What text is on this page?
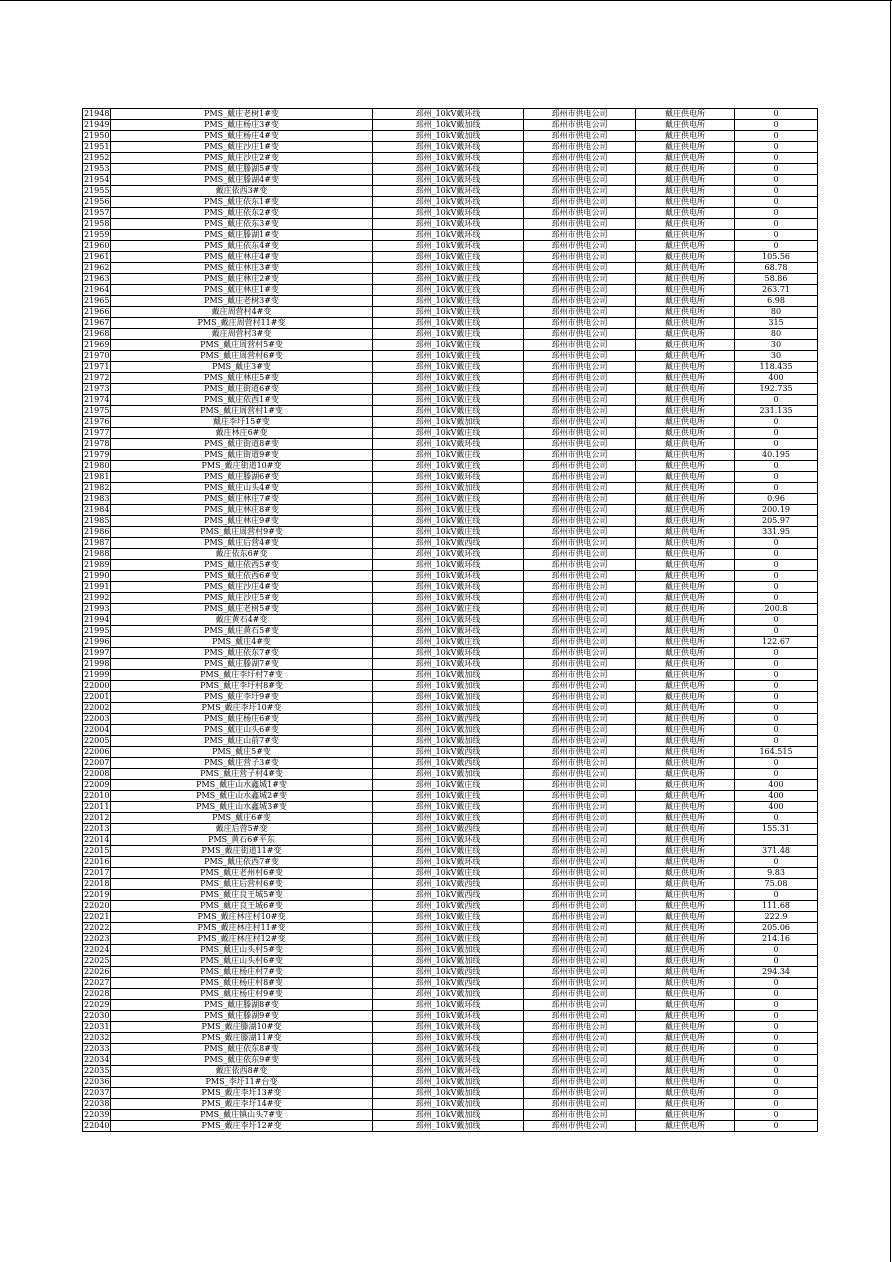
21948	PMS_戴庄老树1#变	邳州_10kV戴环线	邳州市供电公司	戴庄供电所	0
21949	PMS_戴庄杨庄3#变	邳州_10kV戴加线	邳州市供电公司	戴庄供电所	0
21950	PMS_戴庄杨庄4#变	邳州_10kV戴加线	邳州市供电公司	戴庄供电所	0
21951	PMS_戴庄沙庄1#变	邳州_10kV戴环线	邳州市供电公司	戴庄供电所	0
21952	PMS_戴庄沙庄2#变	邳州_10kV戴环线	邳州市供电公司	戴庄供电所	0
21953	PMS_戴庄滕湖5#变	邳州_10kV戴环线	邳州市供电公司	戴庄供电所	0
21954	PMS_戴庄滕湖4#变	邳州_10kV戴环线	邳州市供电公司	戴庄供电所	0
21955	戴庄依西3#变	邳州_10kV戴环线	邳州市供电公司	戴庄供电所	0
21956	PMS_戴庄依东1#变	邳州_10kV戴环线	邳州市供电公司	戴庄供电所	0
21957	PMS_戴庄依东2#变	邳州_10kV戴环线	邳州市供电公司	戴庄供电所	0
21958	PMS_戴庄依东3#变	邳州_10kV戴环线	邳州市供电公司	戴庄供电所	0
21959	PMS_戴庄滕湖1#变	邳州_10kV戴环线	邳州市供电公司	戴庄供电所	0
21960	PMS_戴庄依东4#变	邳州_10kV戴环线	邳州市供电公司	戴庄供电所	0
21961	PMS_戴庄林庄4#变	邳州_10kV戴庄线	邳州市供电公司	戴庄供电所	105.56
21962	PMS_戴庄林庄3#变	邳州_10kV戴庄线	邳州市供电公司	戴庄供电所	68.78
21963	PMS_戴庄林庄2#变	邳州_10kV戴庄线	邳州市供电公司	戴庄供电所	58.86
21964	PMS_戴庄林庄1#变	邳州_10kV戴庄线	邳州市供电公司	戴庄供电所	263.71
21965	PMS_戴庄老树3#变	邳州_10kV戴庄线	邳州市供电公司	戴庄供电所	6.98
21966	戴庄周营村4#变	邳州_10kV戴庄线	邳州市供电公司	戴庄供电所	80
21967	PMS_戴庄周营村11#变	邳州_10kV戴庄线	邳州市供电公司	戴庄供电所	315
21968	戴庄周营村3#变	邳州_10kV戴庄线	邳州市供电公司	戴庄供电所	80
21969	PMS_戴庄周营村5#变	邳州_10kV戴庄线	邳州市供电公司	戴庄供电所	30
21970	PMS_戴庄周营村6#变	邳州_10kV戴庄线	邳州市供电公司	戴庄供电所	30
21971	PMS_戴庄3#变	邳州_10kV戴庄线	邳州市供电公司	戴庄供电所	118.435
21972	PMS_戴庄林庄5#变	邳州_10kV戴庄线	邳州市供电公司	戴庄供电所	400
21973	PMS_戴庄街道6#变	邳州_10kV戴庄线	邳州市供电公司	戴庄供电所	192.735
21974	PMS_戴庄依西1#变	邳州_10kV戴庄线	邳州市供电公司	戴庄供电所	0
21975	PMS_戴庄周营村1#变	邳州_10kV戴庄线	邳州市供电公司	戴庄供电所	231.135
21976	戴庄李圩15#变	邳州_10kV戴加线	邳州市供电公司	戴庄供电所	0
21977	戴庄林庄6#变	邳州_10kV戴庄线	邳州市供电公司	戴庄供电所	0
21978	PMS_戴庄街道8#变	邳州_10kV戴环线	邳州市供电公司	戴庄供电所	0
21979	PMS_戴庄街道9#变	邳州_10kV戴庄线	邳州市供电公司	戴庄供电所	40.195
21980	PMS_戴庄街道10#变	邳州_10kV戴庄线	邳州市供电公司	戴庄供电所	0
21981	PMS_戴庄滕湖6#变	邳州_10kV戴环线	邳州市供电公司	戴庄供电所	0
21982	PMS_戴庄山头4#变	邳州_10kV戴加线	邳州市供电公司	戴庄供电所	0
21983	PMS_戴庄林庄7#变	邳州_10kV戴庄线	邳州市供电公司	戴庄供电所	0.96
21984	PMS_戴庄林庄8#变	邳州_10kV戴庄线	邳州市供电公司	戴庄供电所	200.19
21985	PMS_戴庄林庄9#变	邳州_10kV戴庄线	邳州市供电公司	戴庄供电所	205.97
21986	PMS_戴庄周营村9#变	邳州_10kV戴庄线	邳州市供电公司	戴庄供电所	331.95
21987	PMS_戴庄后营4#变	邳州_10kV戴西线	邳州市供电公司	戴庄供电所	0
21988	戴庄依东6#变	邳州_10kV戴环线	邳州市供电公司	戴庄供电所	0
21989	PMS_戴庄依西5#变	邳州_10kV戴环线	邳州市供电公司	戴庄供电所	0
21990	PMS_戴庄依西6#变	邳州_10kV戴环线	邳州市供电公司	戴庄供电所	0
21991	PMS_戴庄沙庄4#变	邳州_10kV戴环线	邳州市供电公司	戴庄供电所	0
21992	PMS_戴庄沙庄5#变	邳州_10kV戴环线	邳州市供电公司	戴庄供电所	0
21993	PMS_戴庄老树5#变	邳州_10kV戴庄线	邳州市供电公司	戴庄供电所	200.8
21994	戴庄黄石4#变	邳州_10kV戴环线	邳州市供电公司	戴庄供电所	0
21995	PMS_戴庄黄石5#变	邳州_10kV戴环线	邳州市供电公司	戴庄供电所	0
21996	PMS_戴庄4#变	邳州_10kV戴庄线	邳州市供电公司	戴庄供电所	122.67
21997	PMS_戴庄依东7#变	邳州_10kV戴环线	邳州市供电公司	戴庄供电所	0
21998	PMS_戴庄滕湖7#变	邳州_10kV戴环线	邳州市供电公司	戴庄供电所	0
21999	PMS_戴庄李圩村7#变	邳州_10kV戴加线	邳州市供电公司	戴庄供电所	0
22000	PMS_戴庄李圩村8#变	邳州_10kV戴加线	邳州市供电公司	戴庄供电所	0
22001	PMS_戴庄李圩9#变	邳州_10kV戴加线	邳州市供电公司	戴庄供电所	0
22002	PMS_戴庄李圩10#变	邳州_10kV戴加线	邳州市供电公司	戴庄供电所	0
22003	PMS_戴庄杨庄6#变	邳州_10kV戴西线	邳州市供电公司	戴庄供电所	0
22004	PMS_戴庄山头6#变	邳州_10kV戴加线	邳州市供电公司	戴庄供电所	0
22005	PMS_戴庄山前7#变	邳州_10kV戴加线	邳州市供电公司	戴庄供电所	0
22006	PMS_戴庄5#变	邳州_10kV戴西线	邳州市供电公司	戴庄供电所	164.515
22007	PMS_戴庄营子3#变	邳州_10kV戴西线	邳州市供电公司	戴庄供电所	0
22008	PMS_戴庄营子村4#变	邳州_10kV戴加线	邳州市供电公司	戴庄供电所	0
22009	PMS_戴庄山水鑫城1#变	邳州_10kV戴庄线	邳州市供电公司	戴庄供电所	400
22010	PMS_戴庄山水鑫城2#变	邳州_10kV戴庄线	邳州市供电公司	戴庄供电所	400
22011	PMS_戴庄山水鑫城3#变	邳州_10kV戴庄线	邳州市供电公司	戴庄供电所	400
22012	PMS_戴庄6#变	邳州_10kV戴庄线	邳州市供电公司	戴庄供电所	0
22013	戴庄后营5#变	邳州_10kV戴西线	邳州市供电公司	戴庄供电所	155.31
22014	PMS_黄石6#平东	邳州_10kV戴环线	邳州市供电公司	戴庄供电所	
22015	PMS_戴庄街道11#变	邳州_10kV戴庄线	邳州市供电公司	戴庄供电所	371.48
22016	PMS_戴庄依西7#变	邳州_10kV戴环线	邳州市供电公司	戴庄供电所	0
22017	PMS_戴庄老州村6#变	邳州_10kV戴庄线	邳州市供电公司	戴庄供电所	9.83
22018	PMS_戴庄后营村6#变	邳州_10kV戴西线	邳州市供电公司	戴庄供电所	75.08
22019	PMS_戴庄良王城5#变	邳州_10kV戴西线	邳州市供电公司	戴庄供电所	0
22020	PMS_戴庄良王城6#变	邳州_10kV戴西线	邳州市供电公司	戴庄供电所	111.68
22021	PMS_戴庄林庄村10#变	邳州_10kV戴庄线	邳州市供电公司	戴庄供电所	222.9
22022	PMS_戴庄林庄村11#变	邳州_10kV戴庄线	邳州市供电公司	戴庄供电所	205.06
22023	PMS_戴庄林庄村12#变	邳州_10kV戴庄线	邳州市供电公司	戴庄供电所	214.16
22024	PMS_戴庄山头村5#变	邳州_10kV戴加线	邳州市供电公司	戴庄供电所	0
22025	PMS_戴庄山头村6#变	邳州_10kV戴加线	邳州市供电公司	戴庄供电所	0
22026	PMS_戴庄杨庄村7#变	邳州_10kV戴西线	邳州市供电公司	戴庄供电所	294.34
22027	PMS_戴庄杨庄村8#变	邳州_10kV戴西线	邳州市供电公司	戴庄供电所	0
22028	PMS_戴庄杨庄村9#变	邳州_10kV戴加线	邳州市供电公司	戴庄供电所	0
22029	PMS_戴庄滕湖8#变	邳州_10kV戴环线	邳州市供电公司	戴庄供电所	0
22030	PMS_戴庄滕湖9#变	邳州_10kV戴环线	邳州市供电公司	戴庄供电所	0
22031	PMS_戴庄滕湖10#变	邳州_10kV戴环线	邳州市供电公司	戴庄供电所	0
22032	PMS_戴庄滕湖11#变	邳州_10kV戴环线	邳州市供电公司	戴庄供电所	0
22033	PMS_戴庄依东8#变	邳州_10kV戴环线	邳州市供电公司	戴庄供电所	0
22034	PMS_戴庄依东9#变	邳州_10kV戴环线	邳州市供电公司	戴庄供电所	0
22035	戴庄依西8#变	邳州_10kV戴环线	邳州市供电公司	戴庄供电所	0
22036	PMS_李圩11#台变	邳州_10kV戴加线	邳州市供电公司	戴庄供电所	0
22037	PMS_戴庄李圩13#变	邳州_10kV戴加线	邳州市供电公司	戴庄供电所	0
22038	PMS_戴庄李圩14#变	邳州_10kV戴加线	邳州市供电公司	戴庄供电所	0
22039	PMS_戴庄镇山头7#变	邳州_10kV戴加线	邳州市供电公司	戴庄供电所	0
22040	PMS_戴庄李圩12#变	邳州_10kV戴加线	邳州市供电公司	戴庄供电所	0
